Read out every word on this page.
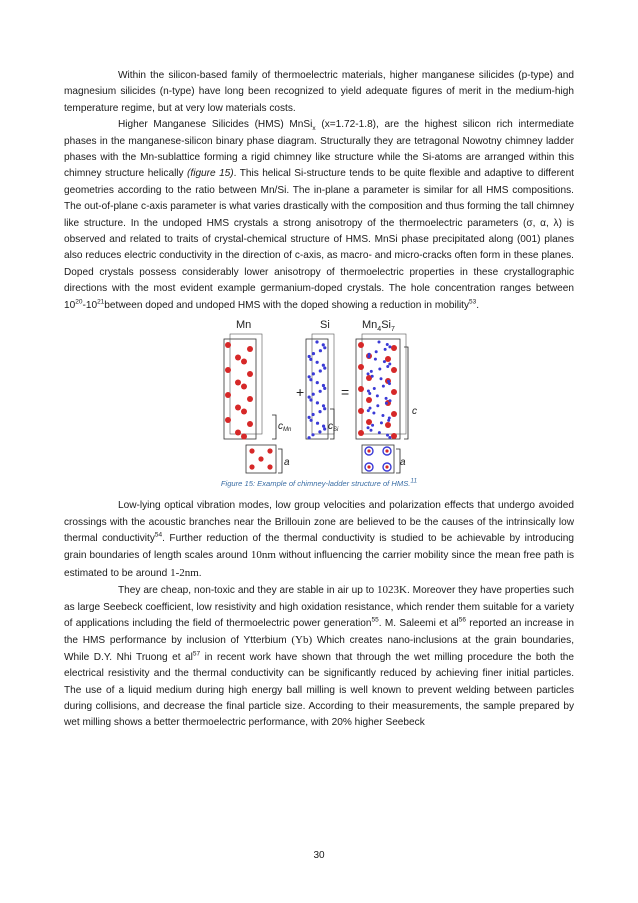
Within the silicon-based family of thermoelectric materials, higher manganese silicides (p-type) and magnesium silicides (n-type) have long been recognized to yield adequate figures of merit in the medium-high temperature regime, but at very low materials costs.

Higher Manganese Silicides (HMS) MnSi$_x$ (x=1.72-1.8), are the highest silicon rich intermediate phases in the manganese-silicon binary phase diagram. Structurally they are tetragonal Nowotny chimney ladder phases with the Mn-sublattice forming a rigid chimney like structure while the Si-atoms are arranged within this chimney structure helically (figure 15). This helical Si-structure tends to be quite flexible and adaptive to different geometries according to the ratio between Mn/Si. The in-plane a parameter is similar for all HMS compositions. The out-of-plane c-axis parameter is what varies drastically with the composition and thus forming the tall chimney like structure. In the undoped HMS crystals a strong anisotropy of the thermoelectric parameters (σ, α, λ) is observed and related to traits of crystal-chemical structure of HMS. MnSi phase precipitated along (001) planes also reduces electric conductivity in the direction of c-axis, as macro- and micro-cracks often form in these planes. Doped crystals possess considerably lower anisotropy of thermoelectric properties in these crystallographic directions with the most evident example germanium-doped crystals. The hole concentration ranges between $10^{20}-10^{21}between$ doped and undoped HMS with the doped showing a reduction in mobility$^{53}$.

Mn	Si	$Mn_4Si_7$
+	=
$c_{Mn}$	$c_{Si}$
c
a	a
Figure 15: Example of chimney-ladder structure of HMS.$^{11}$

Low-lying optical vibration modes, low group velocities and polarization effects that undergo avoided crossings with the acoustic branches near the Brillouin zone are believed to be the causes of the intrinsically low thermal conductivity$^{54}$. Further reduction of the thermal conductivity is studied to be achievable by introducing grain boundaries of length scales around 10nm without influencing the carrier mobility since the mean free path is estimated to be around 1-2nm.

They are cheap, non-toxic and they are stable in air up to 1023K. Moreover they have properties such as large Seebeck coefficient, low resistivity and high oxidation resistance, which render them suitable for a variety of applications including the field of thermoelectric power generation$^{55}$. M. Saleemi et $al^{56}$ reported an increase in the HMS performance by inclusion of Ytterbium (Yb) Which creates nano-inclusions at the grain boundaries, While D.Y. Nhi Truong et $al^{57}$ in recent work have shown that through the wet milling procedure the both the electrical resistivity and the thermal conductivity can be significantly reduced by achieving finer initial particles. The use of a liquid medium during high energy ball milling is well known to prevent welding between particles during collisions, and decrease the final particle size. According to their measurements, the sample prepared by wet milling shows a better thermoelectric performance, with 20% higher Seebeck

30
